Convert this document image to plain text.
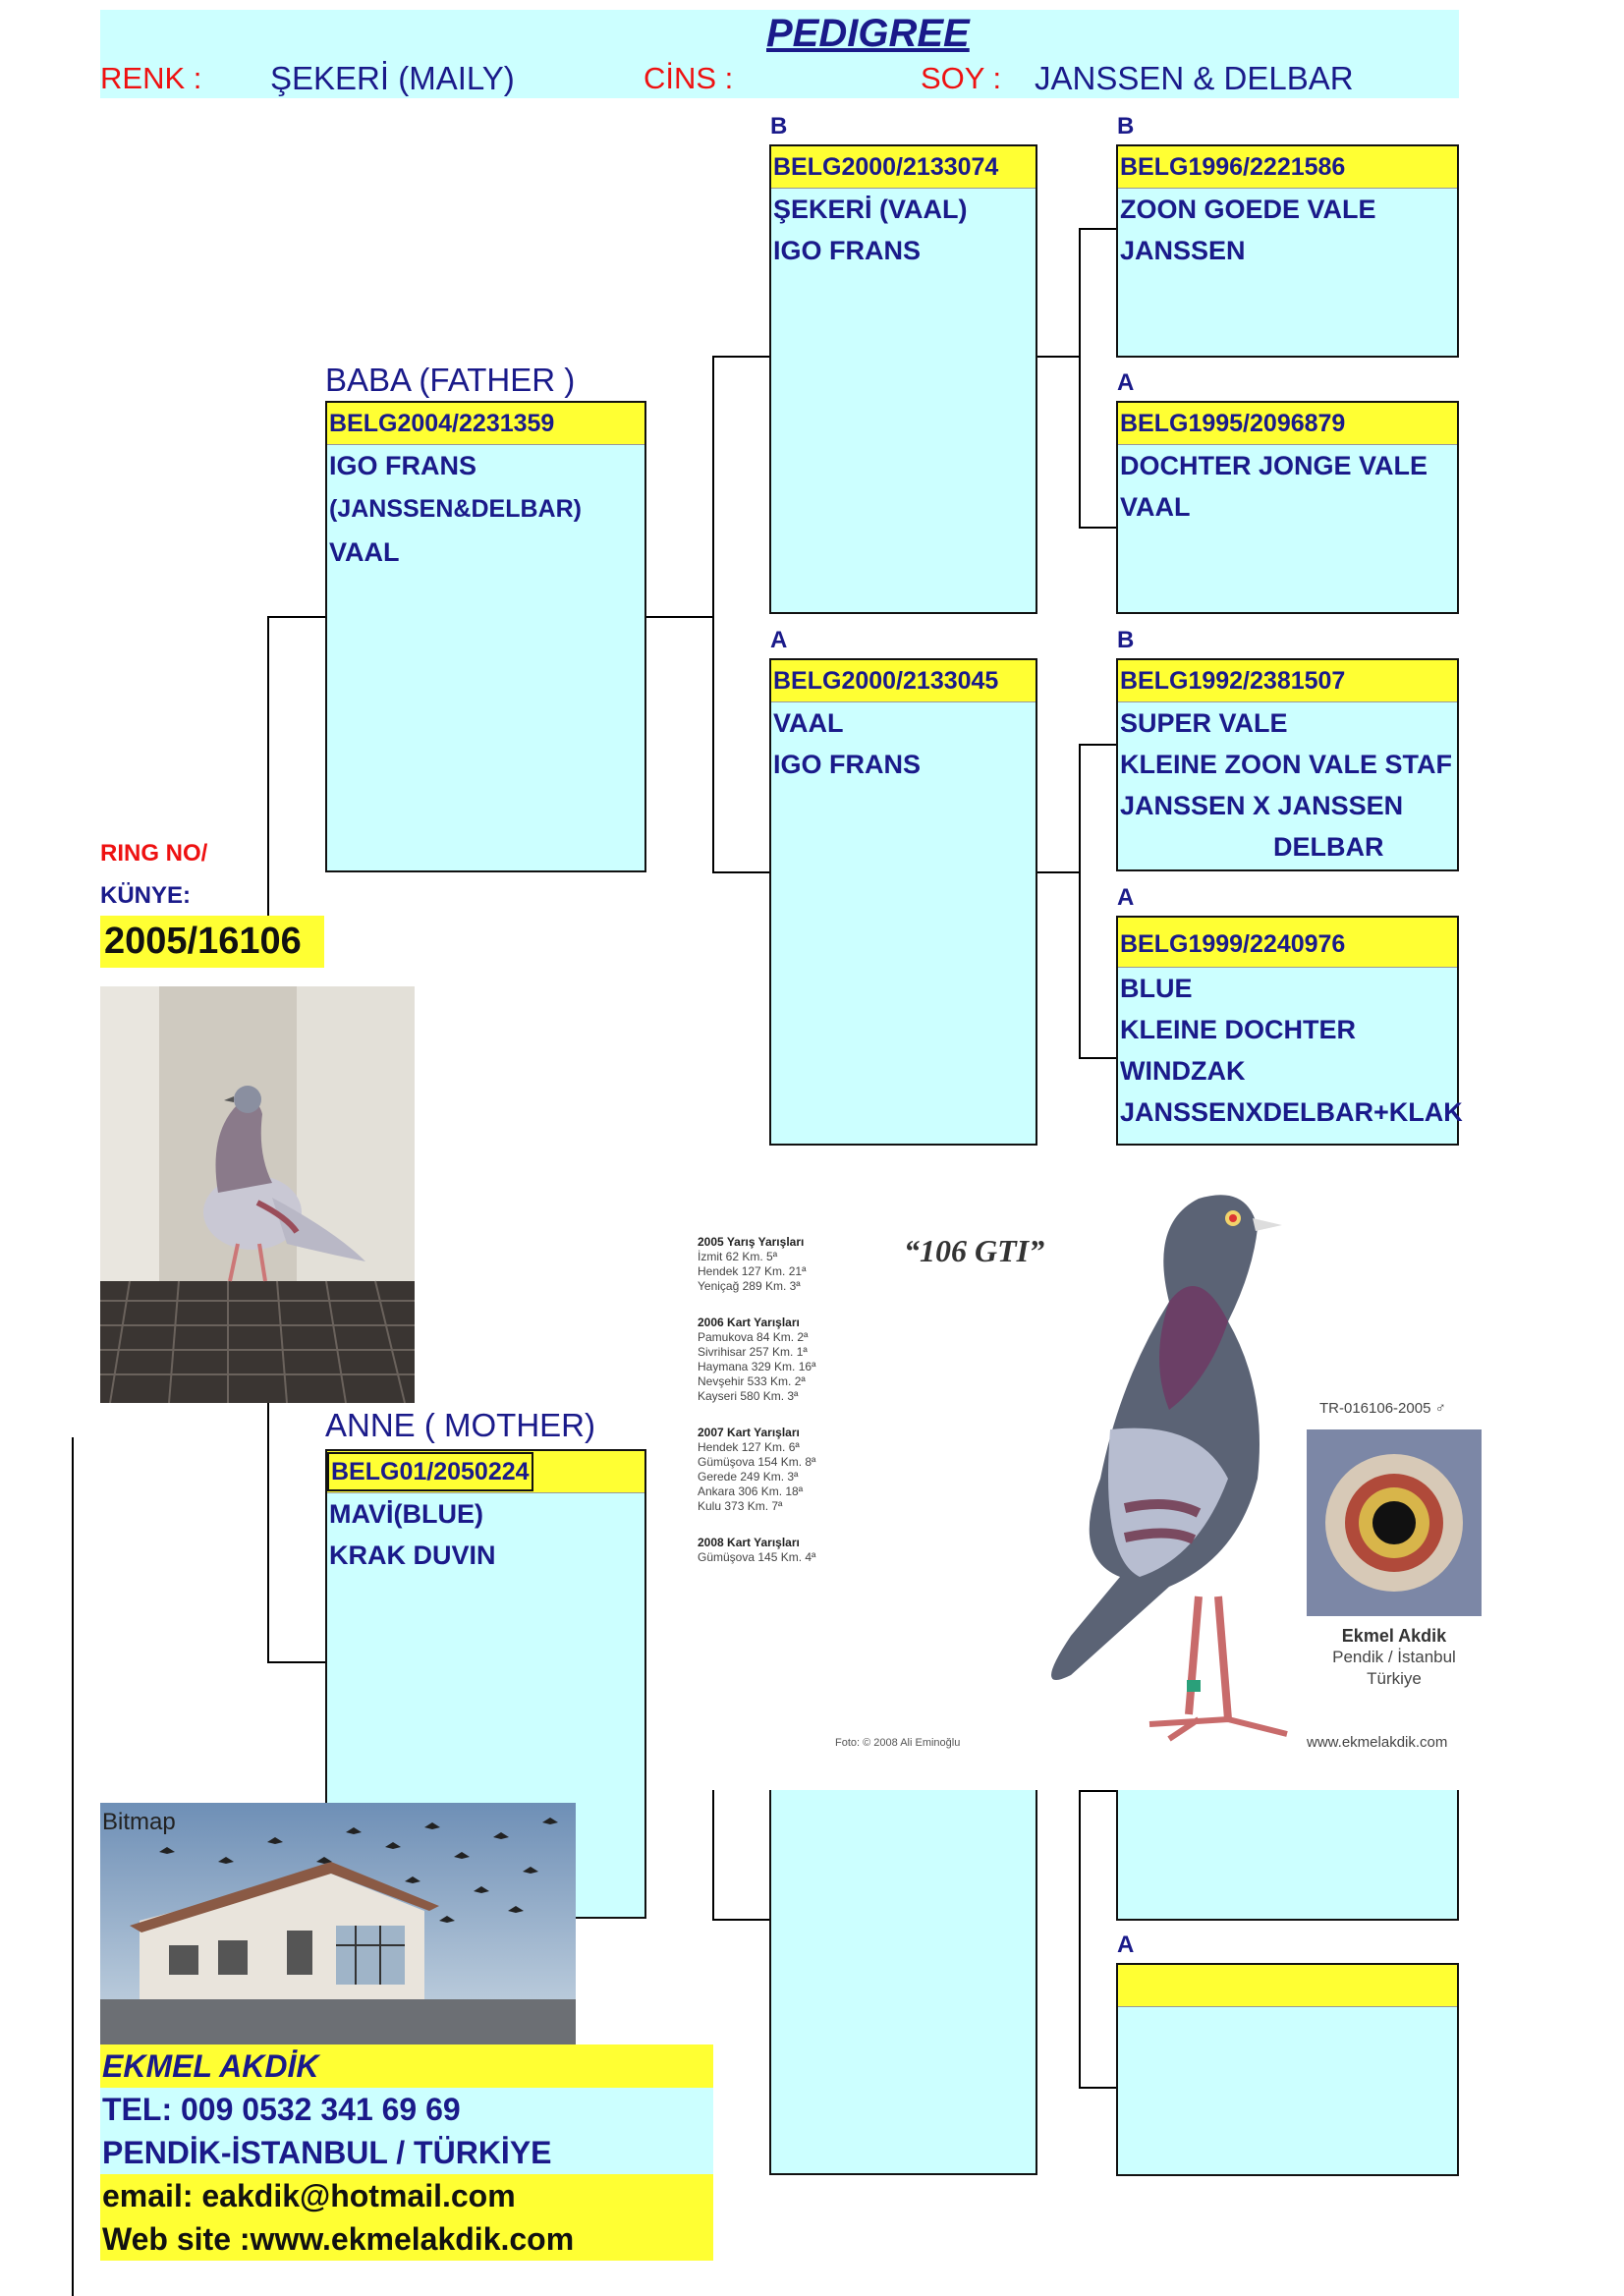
PEDIGREE
RENK : ŞEKERİ (MAILY)	CİNS :	SOY : JANSSEN & DELBAR
B	B
A
A	B
A
A
BELG2000/2133074
ŞEKERİ (VAAL)
IGO FRANS
BELG2000/2133045
VAAL
IGO FRANS
BELG1996/2221586
ZOON GOEDE VALE
JANSSEN
BELG1995/2096879
DOCHTER JONGE VALE
VAAL
BELG1992/2381507
SUPER VALE
KLEINE ZOON VALE STAF
JANSSEN X JANSSEN
DELBAR
BELG1999/2240976
BLUE
KLEINE DOCHTER
WINDZAK
JANSSENXDELBAR+KLAK
BABA (FATHER )
BELG2004/2231359
IGO FRANS
(JANSSEN&DELBAR)
VAAL
ANNE ( MOTHER)
BELG01/2050224
MAVİ(BLUE)
KRAK DUVIN
RING NO/
KÜNYE:
2005/16106
“106 GTI”
2005 Yarış Yarışları
İzmit 62 Km. 5ª
Hendek 127 Km. 21ª
Yeniçağ 289 Km. 3ª
2006 Kart Yarışları
Pamukova 84 Km. 2ª
Sivrihisar 257 Km. 1ª
Haymana 329 Km. 16ª
Nevşehir 533 Km. 2ª
Kayseri 580 Km. 3ª
2007 Kart Yarışları
Hendek 127 Km. 6ª
Gümüşova 154 Km. 8ª
Gerede 249 Km. 3ª
Ankara 306 Km. 18ª
Kulu 373 Km. 7ª
2008 Kart Yarışları
Gümüşova 145 Km. 4ª
TR-016106-2005 ♂
Ekmel Akdik
Pendik / İstanbul
Türkiye
Foto: © 2008 Ali Eminoğlu	www.ekmelakdik.com
Bitmap
EKMEL AKDİK
TEL: 009 0532 341 69 69
PENDİK-İSTANBUL / TÜRKİYE
email: eakdik@hotmail.com
Web site :www.ekmelakdik.com
